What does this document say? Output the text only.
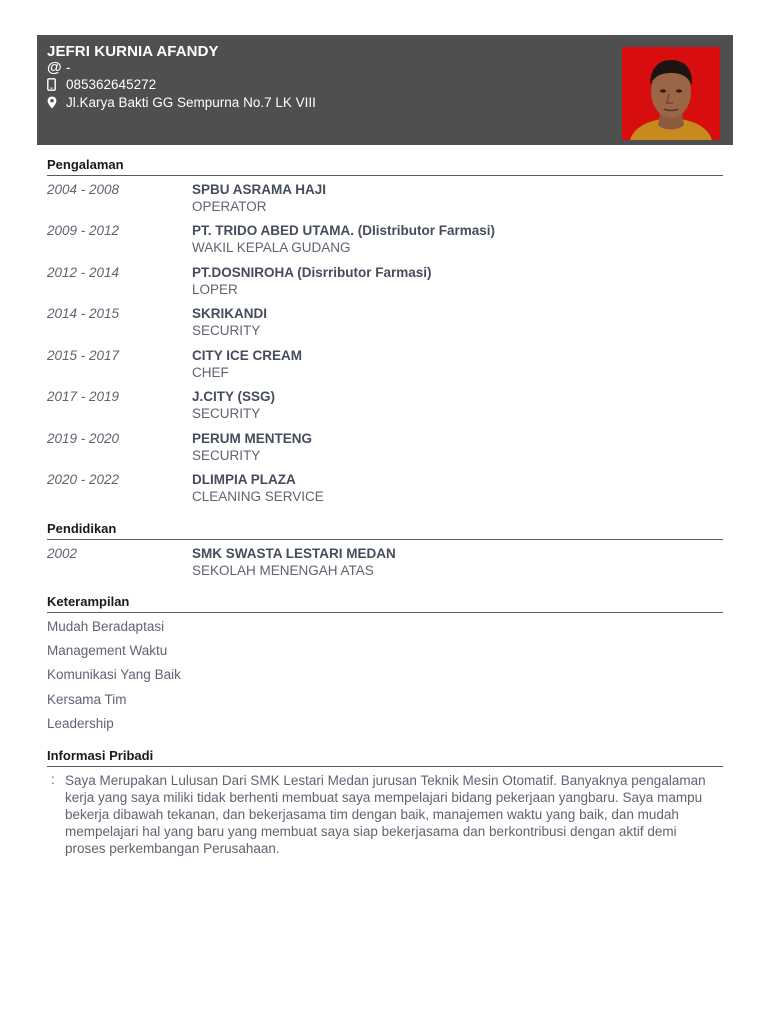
JEFRI KURNIA AFANDY
@ -
085362645272
Jl.Karya Bakti GG Sempurna No.7 LK VIII
Pengalaman
2004 - 2008	SPBU ASRAMA HAJI
OPERATOR
2009 - 2012	PT. TRIDO ABED UTAMA. (DIistributor Farmasi)
WAKIL KEPALA GUDANG
2012 - 2014	PT.DOSNIROHA (Disrributor Farmasi)
LOPER
2014 - 2015	SKRIKANDI
SECURITY
2015 - 2017	CITY ICE CREAM
CHEF
2017 - 2019	J.CITY (SSG)
SECURITY
2019 - 2020	PERUM MENTENG
SECURITY
2020 - 2022	DLIMPIA PLAZA
CLEANING SERVICE
Pendidikan
2002	SMK SWASTA LESTARI MEDAN
SEKOLAH MENENGAH ATAS
Keterampilan
Mudah Beradaptasi
Management Waktu
Komunikasi Yang Baik
Kersama Tim
Leadership
Informasi Pribadi
: Saya Merupakan Lulusan Dari SMK Lestari Medan jurusan Teknik Mesin Otomatif. Banyaknya pengalaman kerja yang saya miliki tidak berhenti membuat saya mempelajari bidang pekerjaan yangbaru. Saya mampu bekerja dibawah tekanan, dan bekerjasama tim dengan baik, manajemen waktu yang baik, dan mudah mempelajari hal yang baru yang membuat saya siap bekerjasama dan berkontribusi dengan aktif demi proses perkembangan Perusahaan.
